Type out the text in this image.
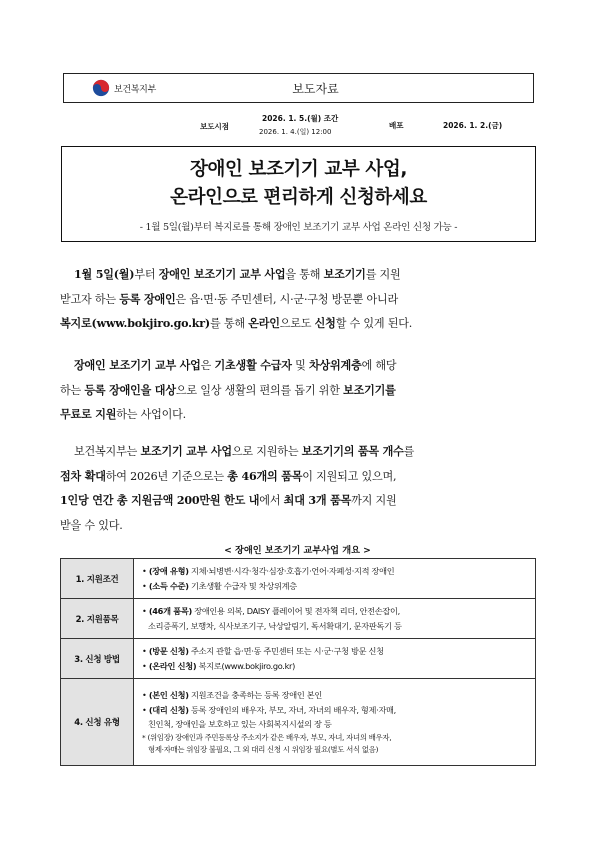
보건복지부	보도자료
보도시점
2026. 1. 5.(월) 조간
2026. 1. 4.(일) 12:00
배포	2026. 1. 2.(금)
장애인 보조기기 교부 사업,
온라인으로 편리하게 신청하세요
- 1월 5일(월)부터 복지로를 통해 장애인 보조기기 교부 사업 온라인 신청 가능 -
1월 5일(월)부터 장애인 보조기기 교부 사업을 통해 보조기기를 지원
받고자 하는 등록 장애인은 읍·면·동 주민센터, 시·군·구청 방문뿐 아니라
복지로(www.bokjiro.go.kr)를 통해 온라인으로도 신청할 수 있게 된다.
장애인 보조기기 교부 사업은 기초생활 수급자 및 차상위계층에 해당
하는 등록 장애인을 대상으로 일상 생활의 편의를 돕기 위한 보조기기를
무료로 지원하는 사업이다.
보건복지부는 보조기기 교부 사업으로 지원하는 보조기기의 품목 개수를
점차 확대하여 2026년 기준으로는 총 46개의 품목이 지원되고 있으며,
1인당 연간 총 지원금액 200만원 한도 내에서 최대 3개 품목까지 지원
받을 수 있다.
< 장애인 보조기기 교부사업 개요 >
1. 지원조건	• (장애 유형) 지체·뇌병변·시각·청각·심장·호흡기·언어·자폐성·지적 장애인
• (소득 수준) 기초생활 수급자 및 차상위계층

2. 지원품목	• (46개 품목) 장애인용 의복, DAISY 플레이어 및 전자책 리더, 안전손잡이,
소리증폭기, 보행차, 식사보조기구, 낙상알림기, 독서확대기, 문자판독기 등

3. 신청 방법	• (방문 신청) 주소지 관할 읍·면·동 주민센터 또는 시·군·구청 방문 신청
• (온라인 신청) 복지로(www.bokjiro.go.kr)

4. 신청 유형	• (본인 신청) 지원조건을 충족하는 등록 장애인 본인
• (대리 신청) 등록 장애인의 배우자, 부모, 자녀, 자녀의 배우자, 형제·자매,
친인척, 장애인을 보호하고 있는 사회복지시설의 장 등
* (위임장) 장애인과 주민등록상 주소지가 같은 배우자, 부모, 자녀, 자녀의 배우자,
형제·자매는 위임장 불필요, 그 외 대리 신청 시 위임장 필요(별도 서식 없음)
